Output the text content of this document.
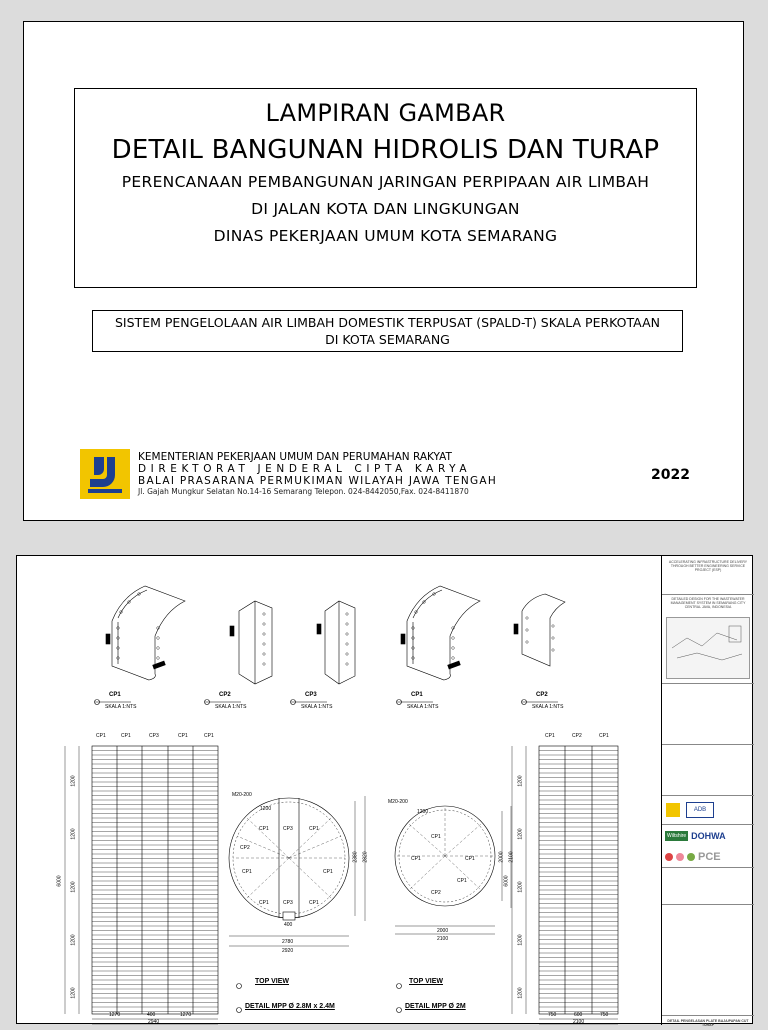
LAMPIRAN GAMBAR
DETAIL BANGUNAN HIDROLIS DAN TURAP
PERENCANAAN PEMBANGUNAN JARINGAN PERPIPAAN AIR LIMBAH
DI JALAN KOTA DAN LINGKUNGAN
DINAS PEKERJAAN UMUM KOTA SEMARANG
SISTEM PENGELOLAAN AIR LIMBAH DOMESTIK TERPUSAT (SPALD-T) SKALA PERKOTAAN
DI KOTA SEMARANG
KEMENTERIAN PEKERJAAN UMUM DAN PERUMAHAN RAKYAT
DIREKTORAT JENDERAL CIPTA KARYA
BALAI PRASARANA PERMUKIMAN WILAYAH JAWA TENGAH
Jl. Gajah Mungkur Selatan No.14-16 Semarang Telepon. 024-8442050,Fax. 024-8411870
2022
CP1	CP2	CP3	CP1	CP2
SKALA 1:NTS	SKALA 1:NTS	SKALA 1:NTS	SKALA 1:NTS	SKALA 1:NTS
CP1	CP1	CP3	CP1	CP1
1200
1200
1200
1200
1200
6000
1270	400	1270
2940
CP1	CP2	CP1
1200
1200
1200
1200
1200
6000
750	600	750
2100
M20-200
1200
CP1	CP3	CP1
CP2
CP1	CP1
CP1	CP3	CP1
2380 2820
400
2780
2920
TOP VIEW
DETAIL MPP Ø 2.8M x 2.4M
M20-200
1200
CP1
CP1	CP1
CP2
CP1
2000 2100
2000
2100
TOP VIEW
DETAIL MPP Ø 2M
ACCELERATING INFRASTRUCTURE DELIVERY THROUGH BETTER ENGINEERING SERVICE PROJECT (ESP)
DETAILED DESIGN FOR THE WASTEWATER MANAGEMENT SYSTEM IN SEMARANG CITY CENTRAL JAVA, INDONESIA
ADB
Wiltshire DOHWA
PCE
DETAIL PENGELASAN PLATE BAJA/PAPAN CUT TURAP
